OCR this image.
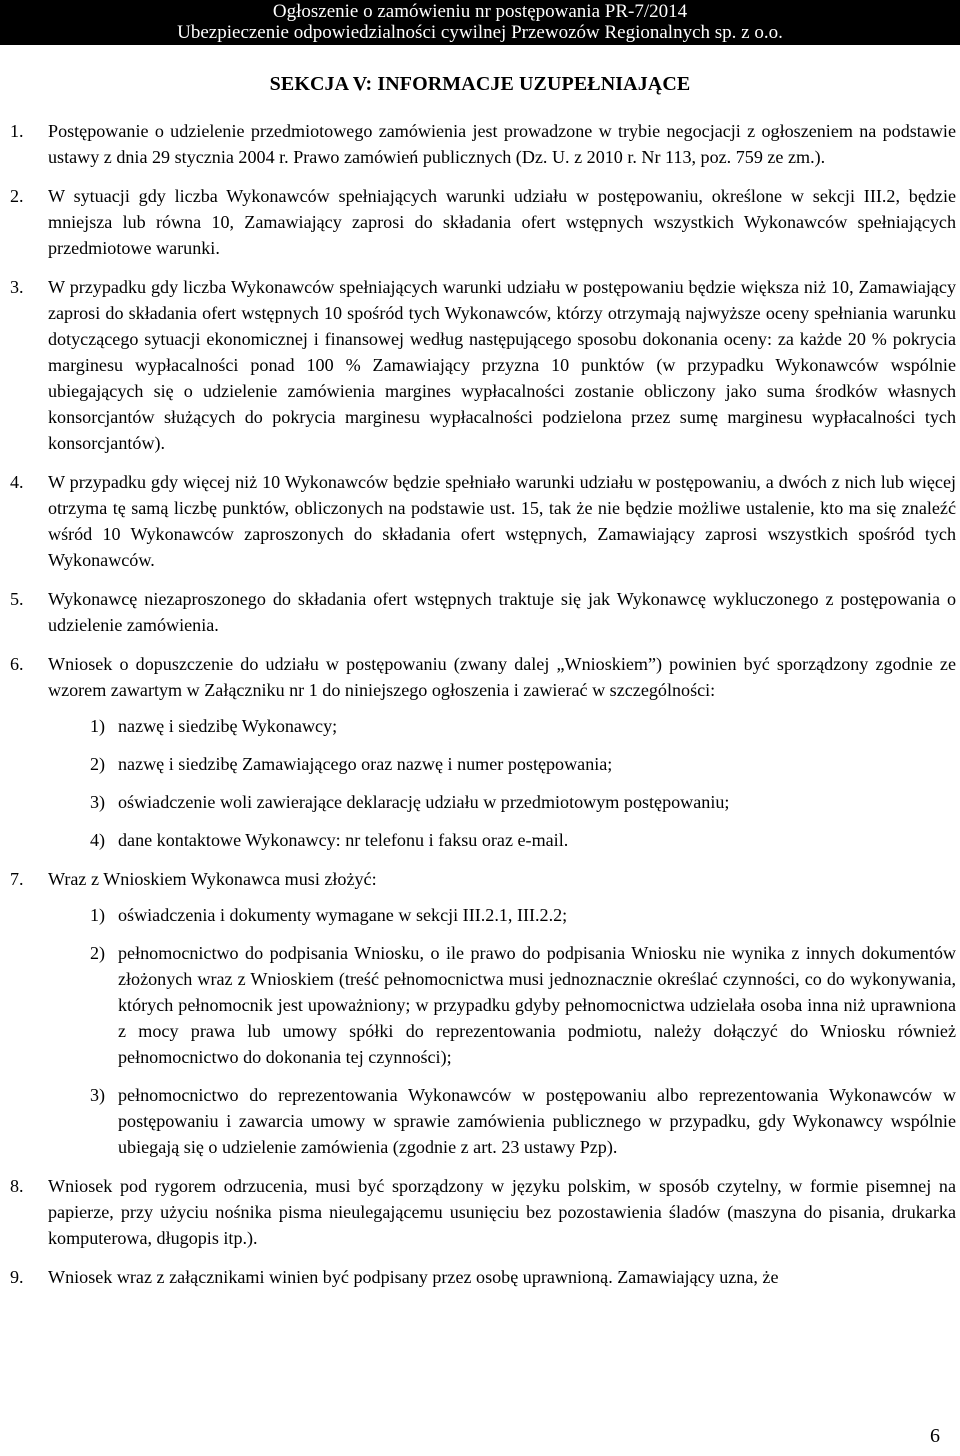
Ogłoszenie o zamówieniu nr postępowania PR-7/2014
Ubezpieczenie odpowiedzialności cywilnej Przewozów Regionalnych sp. z o.o.
SEKCJA V: INFORMACJE UZUPEŁNIAJĄCE
1.	Postępowanie o udzielenie przedmiotowego zamówienia jest prowadzone w trybie negocjacji z ogłoszeniem na podstawie ustawy z dnia 29 stycznia 2004 r. Prawo zamówień publicznych (Dz. U. z 2010 r. Nr 113, poz. 759 ze zm.).

2.	W sytuacji gdy liczba Wykonawców spełniających warunki udziału w postępowaniu, określone w sekcji III.2, będzie mniejsza lub równa 10, Zamawiający zaprosi do składania ofert wstępnych wszystkich Wykonawców spełniających przedmiotowe warunki.

3.	W przypadku gdy liczba Wykonawców spełniających warunki udziału w postępowaniu będzie większa niż 10, Zamawiający zaprosi do składania ofert wstępnych 10 spośród tych Wykonawców, którzy otrzymają najwyższe oceny spełniania warunku dotyczącego sytuacji ekonomicznej i finansowej według następującego sposobu dokonania oceny: za każde 20 % pokrycia marginesu wypłacalności ponad 100 % Zamawiający przyzna 10 punktów (w przypadku Wykonawców wspólnie ubiegających się o udzielenie zamówienia margines wypłacalności zostanie obliczony jako suma środków własnych konsorcjantów służących do pokrycia marginesu wypłacalności podzielona przez sumę marginesu wypłacalności tych konsorcjantów).

4.	W przypadku gdy więcej niż 10 Wykonawców będzie spełniało warunki udziału w postępowaniu, a dwóch z nich lub więcej otrzyma tę samą liczbę punktów, obliczonych na podstawie ust. 15, tak że nie będzie możliwe ustalenie, kto ma się znaleźć wśród 10 Wykonawców zaproszonych do składania ofert wstępnych, Zamawiający zaprosi wszystkich spośród tych Wykonawców.

5.	Wykonawcę niezaproszonego do składania ofert wstępnych traktuje się jak Wykonawcę wykluczonego z postępowania o udzielenie zamówienia.

6.	Wniosek o dopuszczenie do udziału w postępowaniu (zwany dalej „Wnioskiem”) powinien być sporządzony zgodnie ze wzorem zawartym w Załączniku nr 1 do niniejszego ogłoszenia i zawierać w szczególności:

1) nazwę i siedzibę Wykonawcy;
2) nazwę i siedzibę Zamawiającego oraz nazwę i numer postępowania;
3) oświadczenie woli zawierające deklarację udziału w przedmiotowym postępowaniu;
4) dane kontaktowe Wykonawcy: nr telefonu i faksu oraz e-mail.
7.	Wraz z Wnioskiem Wykonawca musi złożyć:

1) oświadczenia i dokumenty wymagane w sekcji III.2.1, III.2.2;
2) pełnomocnictwo do podpisania Wniosku, o ile prawo do podpisania Wniosku nie wynika z innych dokumentów złożonych wraz z Wnioskiem (treść pełnomocnictwa musi jednoznacznie określać czynności, co do wykonywania, których pełnomocnik jest upoważniony; w przypadku gdyby pełnomocnictwa udzielała osoba inna niż uprawniona z mocy prawa lub umowy spółki do reprezentowania podmiotu, należy dołączyć do Wniosku również pełnomocnictwo do dokonania tej czynności);
3) pełnomocnictwo do reprezentowania Wykonawców w postępowaniu albo reprezentowania Wykonawców w postępowaniu i zawarcia umowy w sprawie zamówienia publicznego w przypadku, gdy Wykonawcy wspólnie ubiegają się o udzielenie zamówienia (zgodnie z art. 23 ustawy Pzp).
8.	Wniosek pod rygorem odrzucenia, musi być sporządzony w języku polskim, w sposób czytelny, w formie pisemnej na papierze, przy użyciu nośnika pisma nieulegającemu usunięciu bez pozostawienia śladów (maszyna do pisania, drukarka komputerowa, długopis itp.).

9.	Wniosek wraz z załącznikami winien być podpisany przez osobę uprawnioną. Zamawiający uzna, że

6
